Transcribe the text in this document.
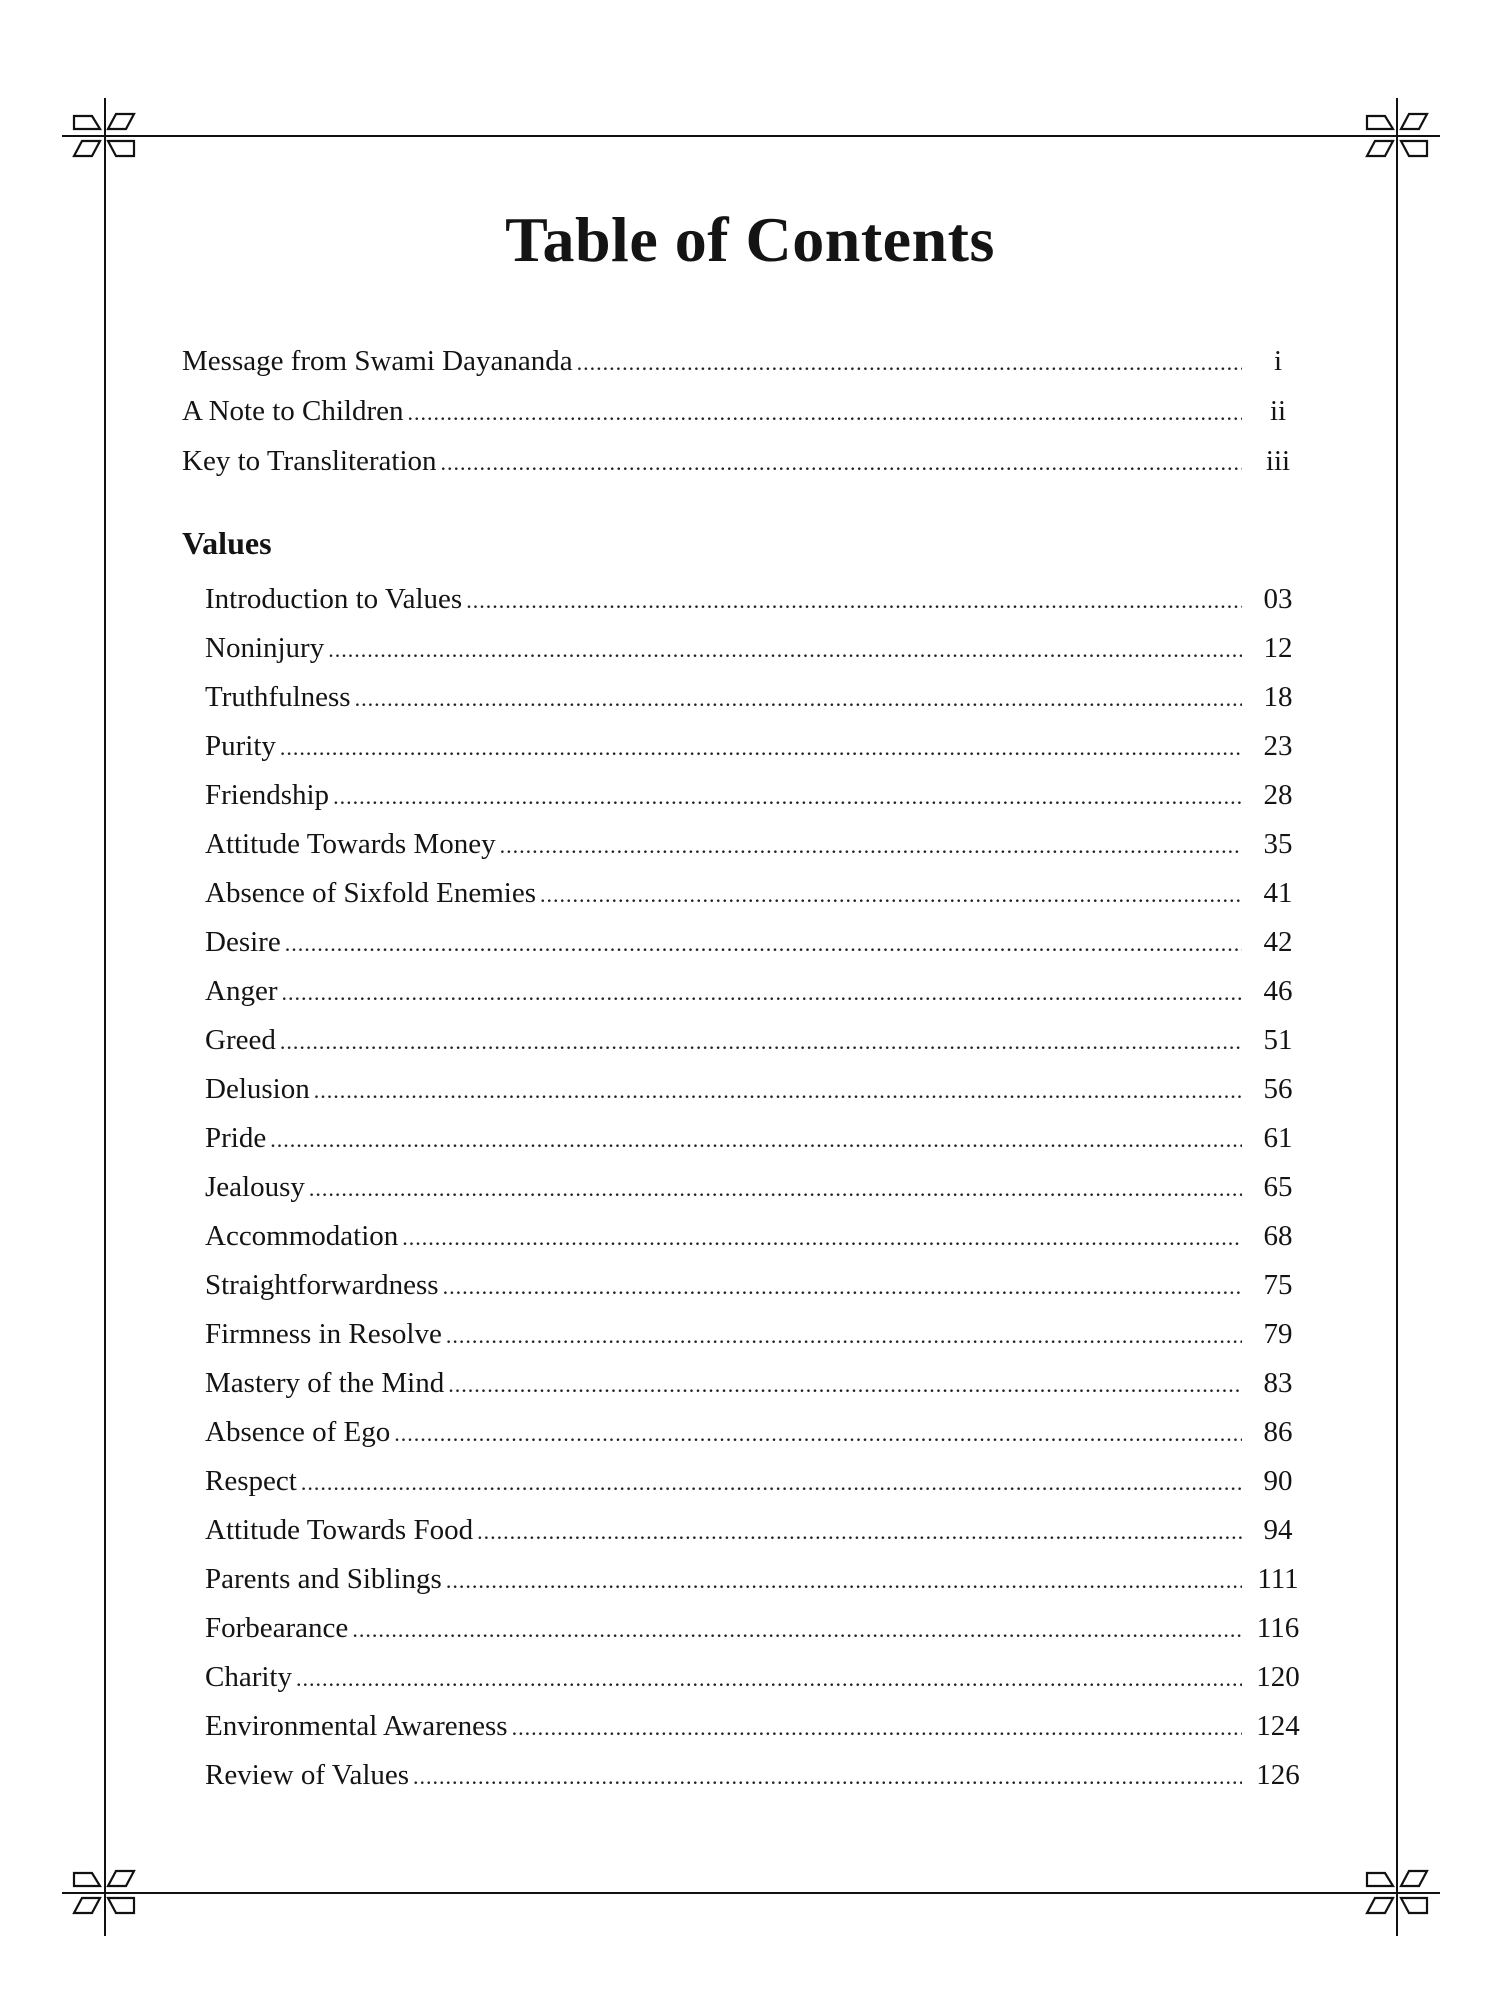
Table of Contents
Message from Swami Dayananda .....	i
A Note to Children .....	ii
Key to Transliteration .....	iii
Values
Introduction to Values .....	03
Noninjury .....	12
Truthfulness .....	18
Purity .....	23
Friendship .....	28
Attitude Towards Money .....	35
Absence of Sixfold Enemies .....	41
Desire .....	42
Anger .....	46
Greed .....	51
Delusion .....	56
Pride .....	61
Jealousy .....	65
Accommodation .....	68
Straightforwardness .....	75
Firmness in Resolve .....	79
Mastery of the Mind .....	83
Absence of Ego .....	86
Respect .....	90
Attitude Towards Food .....	94
Parents and Siblings .....	111
Forbearance .....	116
Charity .....	120
Environmental Awareness .....	124
Review of Values .....	126
